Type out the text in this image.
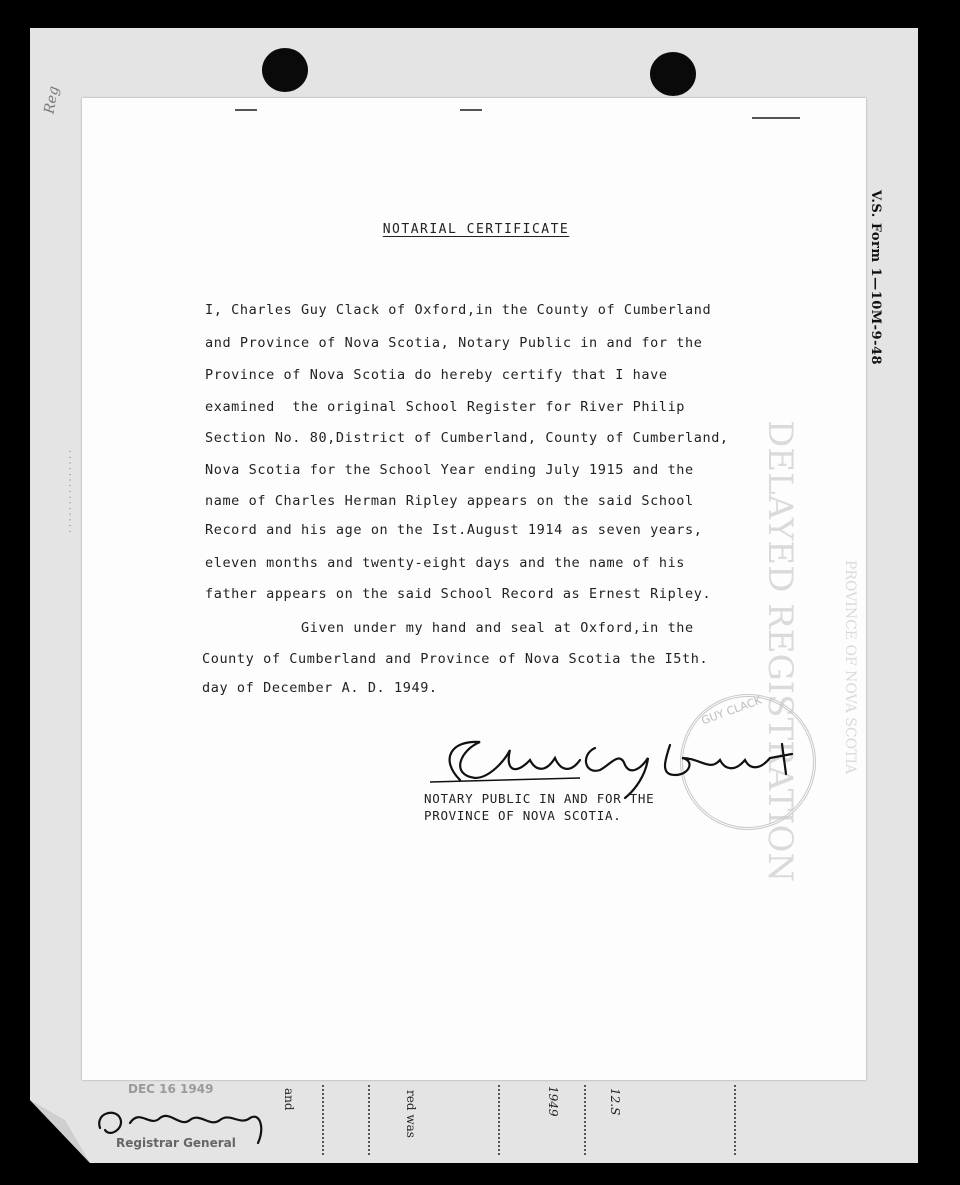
Reg
V.S. Form 1—10M-9-48
· · · · · · · · · · · · · · ·	DELAYED REGISTRATION	PROVINCE OF NOVA SCOTIA
NOTARIAL CERTIFICATE
I, Charles Guy Clack of Oxford,in the County of Cumberland
and Province of Nova Scotia, Notary Public in and for the
Province of Nova Scotia do hereby certify that I have
examined  the original School Register for River Philip
Section No. 80,District of Cumberland, County of Cumberland,
Nova Scotia for the School Year ending July 1915 and the
name of Charles Herman Ripley appears on the said School
Record and his age on the Ist.August 1914 as seven years,
eleven months and twenty-eight days and the name of his
father appears on the said School Record as Ernest Ripley.
Given under my hand and seal at Oxford,in the
County of Cumberland and Province of Nova Scotia the I5th.
day of December A. D. 1949.
GUY CLACK
NOTARY PUBLIC IN AND FOR THE
PROVINCE OF NOVA SCOTIA.
DEC 16 1949	and	red was	1949	12.S
Registrar General
